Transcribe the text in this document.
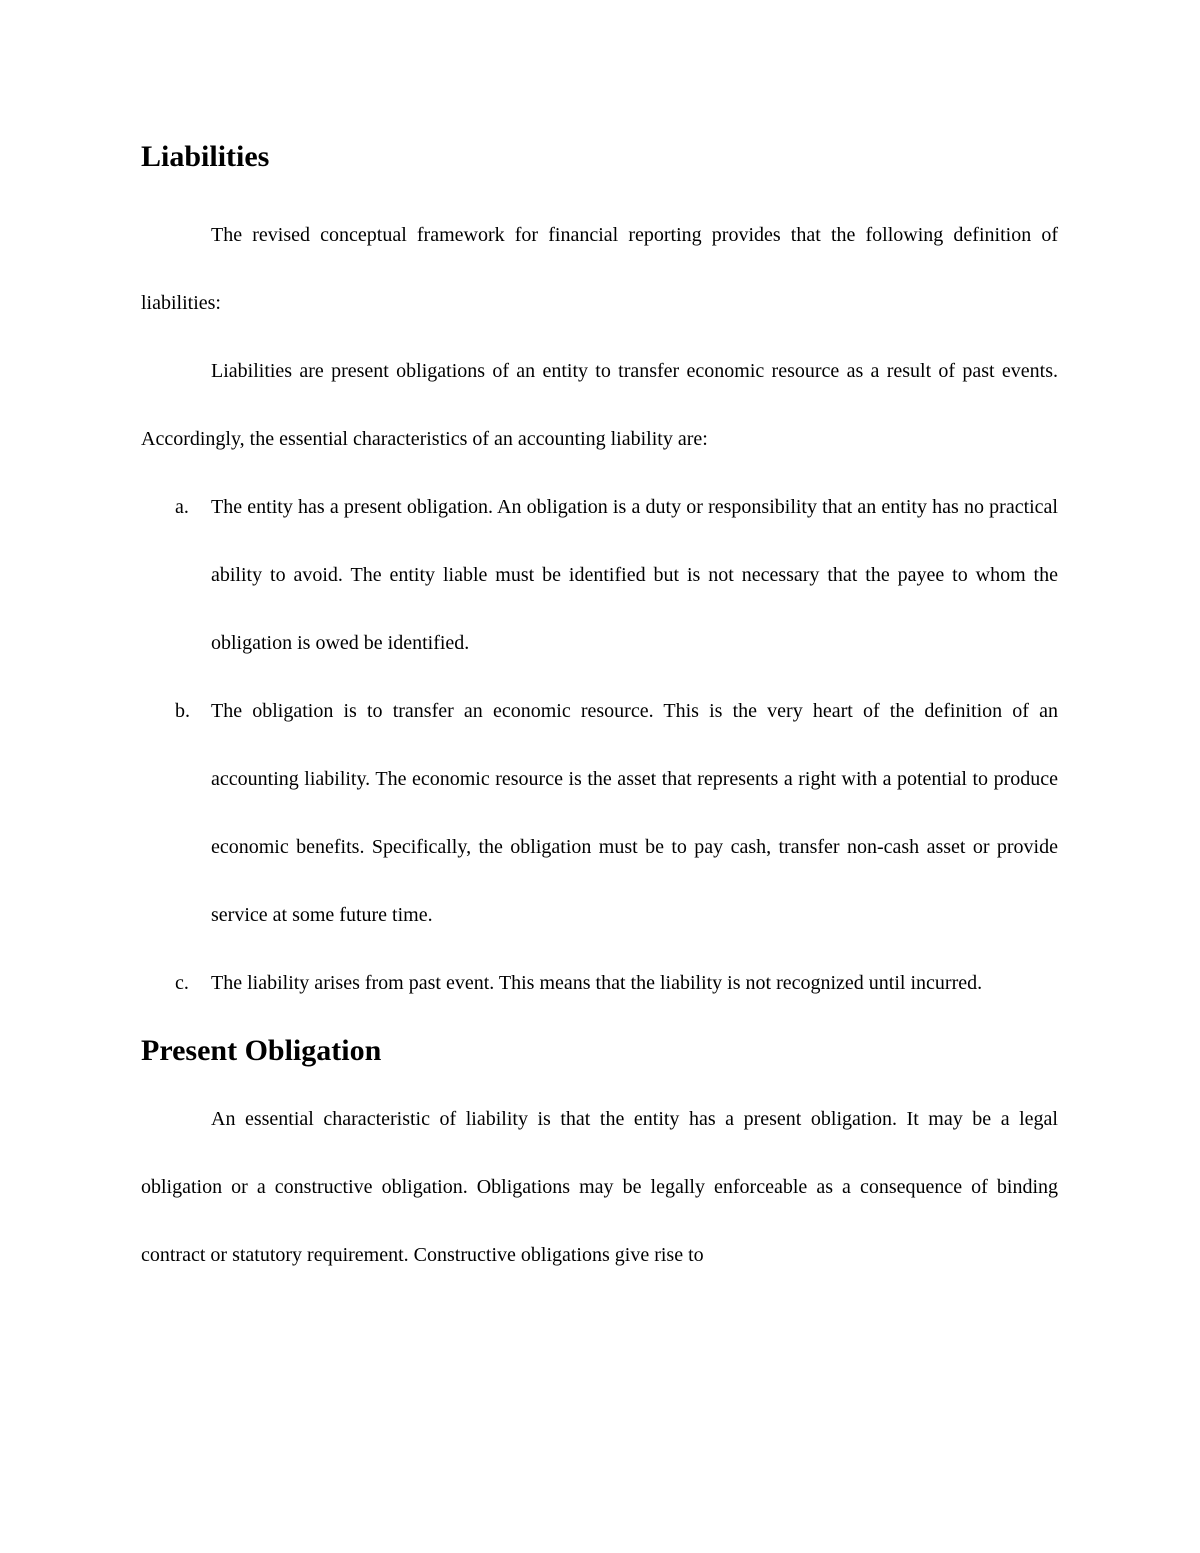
Liabilities

The revised conceptual framework for financial reporting provides that the following definition of liabilities:

Liabilities are present obligations of an entity to transfer economic resource as a result of past events. Accordingly, the essential characteristics of an accounting liability are:

a. The entity has a present obligation. An obligation is a duty or responsibility that an entity has no practical ability to avoid. The entity liable must be identified but is not necessary that the payee to whom the obligation is owed be identified.
b. The obligation is to transfer an economic resource. This is the very heart of the definition of an accounting liability. The economic resource is the asset that represents a right with a potential to produce economic benefits. Specifically, the obligation must be to pay cash, transfer non-cash asset or provide service at some future time.
c. The liability arises from past event. This means that the liability is not recognized until incurred.
Present Obligation

An essential characteristic of liability is that the entity has a present obligation. It may be a legal obligation or a constructive obligation. Obligations may be legally enforceable as a consequence of binding contract or statutory requirement. Constructive obligations give rise to
